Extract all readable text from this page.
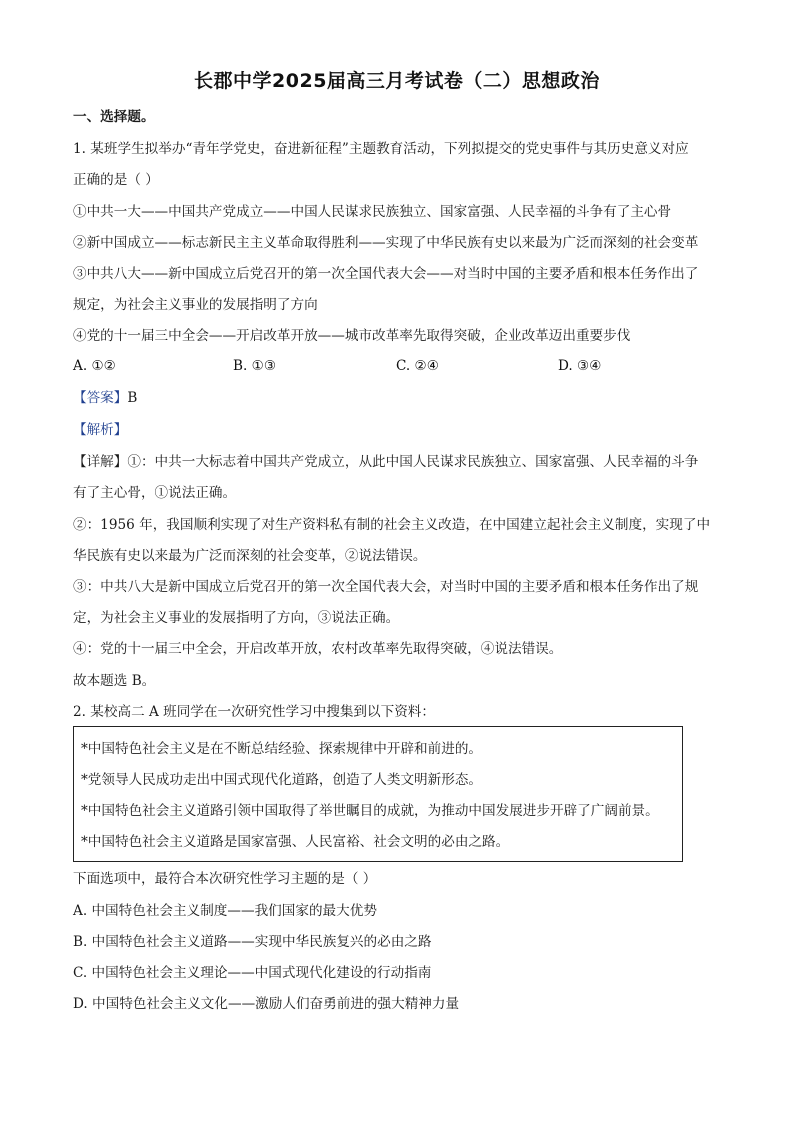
长郡中学2025届高三月考试卷（二）思想政治
一、选择题。
1. 某班学生拟举办“青年学党史，奋进新征程”主题教育活动，下列拟提交的党史事件与其历史意义对应
正确的是（ ）
①中共一大——中国共产党成立——中国人民谋求民族独立、国家富强、人民幸福的斗争有了主心骨
②新中国成立——标志新民主主义革命取得胜利——实现了中华民族有史以来最为广泛而深刻的社会变革
③中共八大——新中国成立后党召开的第一次全国代表大会——对当时中国的主要矛盾和根本任务作出了
规定，为社会主义事业的发展指明了方向
④党的十一届三中全会——开启改革开放——城市改革率先取得突破，企业改革迈出重要步伐
A. ①②	B. ①③	C. ②④	D. ③④
【答案】B
【解析】
【详解】①：中共一大标志着中国共产党成立，从此中国人民谋求民族独立、国家富强、人民幸福的斗争
有了主心骨，①说法正确。
②：1956 年，我国顺利实现了对生产资料私有制的社会主义改造，在中国建立起社会主义制度，实现了中
华民族有史以来最为广泛而深刻的社会变革，②说法错误。
③：中共八大是新中国成立后党召开的第一次全国代表大会，对当时中国的主要矛盾和根本任务作出了规
定，为社会主义事业的发展指明了方向，③说法正确。
④：党的十一届三中全会，开启改革开放，农村改革率先取得突破，④说法错误。
故本题选 B。
2. 某校高二 A 班同学在一次研究性学习中搜集到以下资料：
*中国特色社会主义是在不断总结经验、探索规律中开辟和前进的。
*党领导人民成功走出中国式现代化道路，创造了人类文明新形态。
*中国特色社会主义道路引领中国取得了举世瞩目的成就，为推动中国发展进步开辟了广阔前景。
*中国特色社会主义道路是国家富强、人民富裕、社会文明的必由之路。
下面选项中，最符合本次研究性学习主题的是（ ）
A. 中国特色社会主义制度——我们国家的最大优势
B. 中国特色社会主义道路——实现中华民族复兴的必由之路
C. 中国特色社会主义理论——中国式现代化建设的行动指南
D. 中国特色社会主义文化——激励人们奋勇前进的强大精神力量
